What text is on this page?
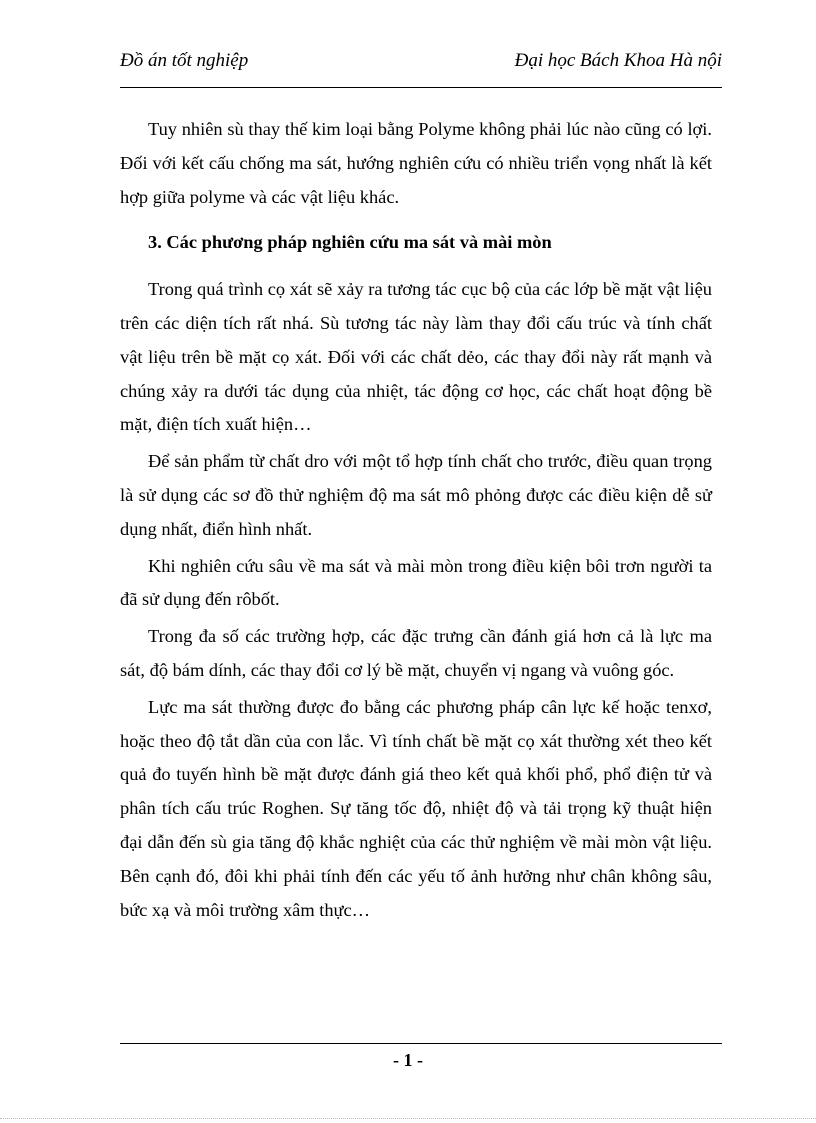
Đồ án tốt nghiệp	Đại học Bách Khoa Hà nội

Tuy nhiên sù thay thế kim loại bằng Polyme không phải lúc nào cũng có lợi. Đối với kết cấu chống ma sát, hướng nghiên cứu có nhiều triển vọng nhất là kết hợp giữa polyme và các vật liệu khác.

3. Các phương pháp nghiên cứu ma sát và mài mòn

Trong quá trình cọ xát sẽ xảy ra tương tác cục bộ của các lớp bề mặt vật liệu trên các diện tích rất nhá. Sù tương tác này làm thay đổi cấu trúc và tính chất vật liệu trên bề mặt cọ xát. Đối với các chất dẻo, các thay đổi này rất mạnh và chúng xảy ra dưới tác dụng của nhiệt, tác động cơ học, các chất hoạt động bề mặt, điện tích xuất hiện…

Để sản phẩm từ chất dro với một tổ hợp tính chất cho trước, điều quan trọng là sử dụng các sơ đồ thử nghiệm độ ma sát mô phỏng được các điều kiện dễ sử dụng nhất, điển hình nhất.

Khi nghiên cứu sâu về ma sát và mài mòn trong điều kiện bôi trơn người ta đã sử dụng đến rôbốt.

Trong đa số các trường hợp, các đặc trưng cần đánh giá hơn cả là lực ma sát, độ bám dính, các thay đổi cơ lý bề mặt, chuyển vị ngang và vuông góc.

Lực ma sát thường được đo bằng các phương pháp cân lực kế hoặc tenxơ, hoặc theo độ tắt dần của con lắc. Vì tính chất bề mặt cọ xát thường xét theo kết quả đo tuyến hình bề mặt được đánh giá theo kết quả khối phổ, phổ điện tử và phân tích cấu trúc Roghen. Sự tăng tốc độ, nhiệt độ và tải trọng kỹ thuật hiện đại dẫn đến sù gia tăng độ khắc nghiệt của các thử nghiệm về mài mòn vật liệu. Bên cạnh đó, đôi khi phải tính đến các yếu tố ảnh hưởng như chân không sâu, bức xạ và môi trường xâm thực…

- 1 -
